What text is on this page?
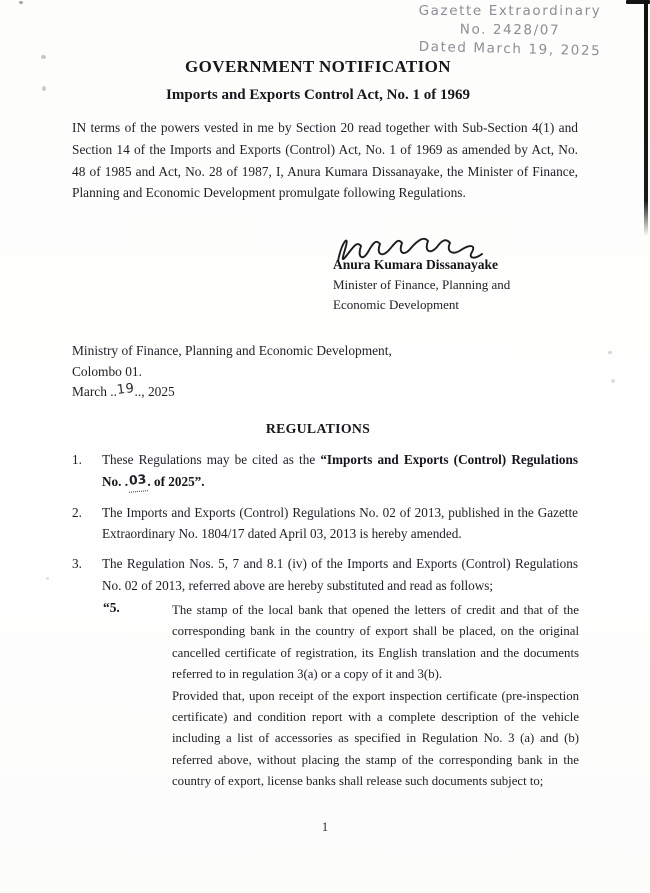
Gazette Extraordinary
No. 2428/07
Dated March 19, 2025
GOVERNMENT NOTIFICATION
Imports and Exports Control Act, No. 1 of 1969

IN terms of the powers vested in me by Section 20 read together with Sub-Section 4(1) and Section 14 of the Imports and Exports (Control) Act, No. 1 of 1969 as amended by Act, No. 48 of 1985 and Act, No. 28 of 1987, I, Anura Kumara Dissanayake, the Minister of Finance, Planning and Economic Development promulgate following Regulations.

Anura Kumara Dissanayake
Minister of Finance, Planning and
Economic Development
Ministry of Finance, Planning and Economic Development,
Colombo 01.
March ..19.., 2025
REGULATIONS
1.	These Regulations may be cited as the “Imports and Exports (Control) Regulations No. .03. of 2025”.
2.	The Imports and Exports (Control) Regulations No. 02 of 2013, published in the Gazette Extraordinary No. 1804/17 dated April 03, 2013 is hereby amended.
3.	The Regulation Nos. 5, 7 and 8.1 (iv) of the Imports and Exports (Control) Regulations No. 02 of 2013, referred above are hereby substituted and read as follows;
“5.	The stamp of the local bank that opened the letters of credit and that of the corresponding bank in the country of export shall be placed, on the original cancelled certificate of registration, its English translation and the documents referred to in regulation 3(a) or a copy of it and 3(b).

Provided that, upon receipt of the export inspection certificate (pre-inspection certificate) and condition report with a complete description of the vehicle including a list of accessories as specified in Regulation No. 3 (a) and (b) referred above, without placing the stamp of the corresponding bank in the country of export, license banks shall release such documents subject to;

1
